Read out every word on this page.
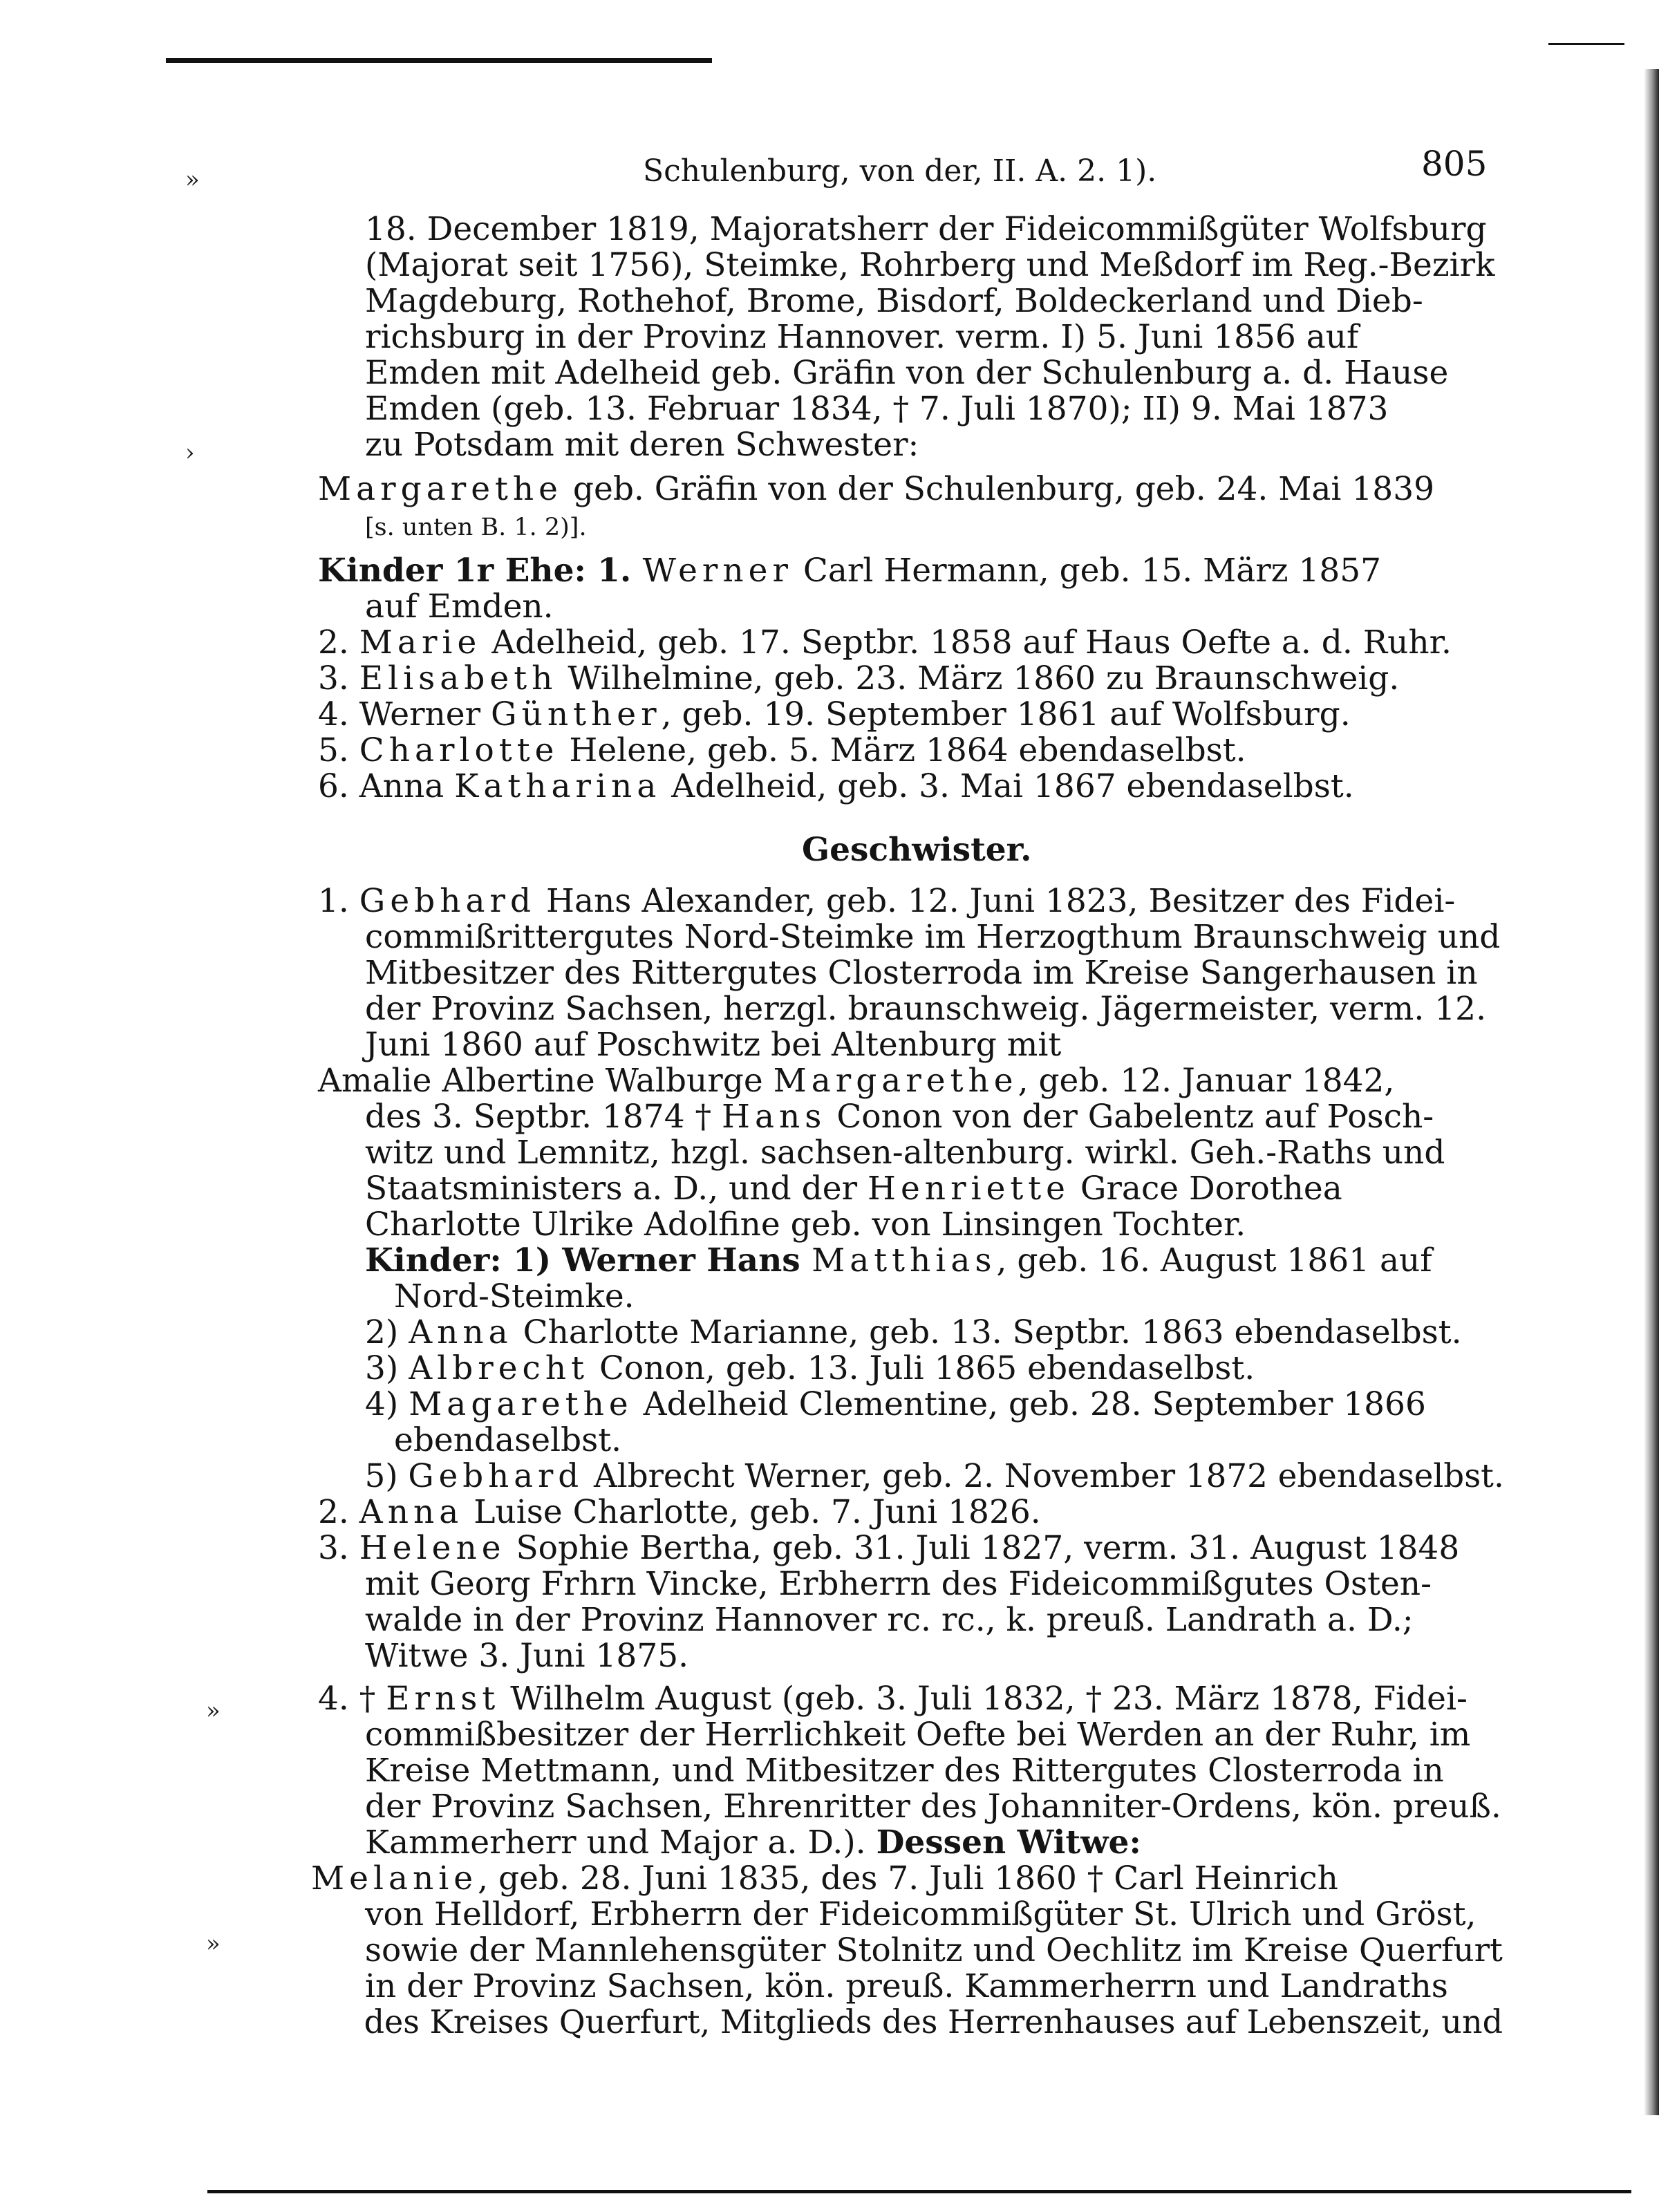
»
›
»
»
Schulenburg, von der, II. A. 2. 1).	805
18. December 1819, Majoratsherr der Fideicommißgüter Wolfsburg
(Majorat seit 1756), Steimke, Rohrberg und Meßdorf im Reg.-Bezirk
Magdeburg, Rothehof, Brome, Bisdorf, Boldeckerland und Dieb-
richsburg in der Provinz Hannover. verm. I) 5. Juni 1856 auf
Emden mit Adelheid geb. Gräfin von der Schulenburg a. d. Hause
Emden (geb. 13. Februar 1834, † 7. Juli 1870); II) 9. Mai 1873
zu Potsdam mit deren Schwester:
Margarethe geb. Gräfin von der Schulenburg, geb. 24. Mai 1839
[s. unten B. 1. 2)].
Kinder 1r Ehe: 1. Werner Carl Hermann, geb. 15. März 1857
auf Emden.
2. Marie Adelheid, geb. 17. Septbr. 1858 auf Haus Oefte a. d. Ruhr.
3. Elisabeth Wilhelmine, geb. 23. März 1860 zu Braunschweig.
4. Werner Günther, geb. 19. September 1861 auf Wolfsburg.
5. Charlotte Helene, geb. 5. März 1864 ebendaselbst.
6. Anna Katharina Adelheid, geb. 3. Mai 1867 ebendaselbst.
Geschwister.
1. Gebhard Hans Alexander, geb. 12. Juni 1823, Besitzer des Fidei-
commißrittergutes Nord-Steimke im Herzogthum Braunschweig und
Mitbesitzer des Rittergutes Closterroda im Kreise Sangerhausen in
der Provinz Sachsen, herzgl. braunschweig. Jägermeister, verm. 12.
Juni 1860 auf Poschwitz bei Altenburg mit
Amalie Albertine Walburge Margarethe, geb. 12. Januar 1842,
des 3. Septbr. 1874 † Hans Conon von der Gabelentz auf Posch-
witz und Lemnitz, hzgl. sachsen-altenburg. wirkl. Geh.-Raths und
Staatsministers a. D., und der Henriette Grace Dorothea
Charlotte Ulrike Adolfine geb. von Linsingen Tochter.
Kinder: 1) Werner Hans Matthias, geb. 16. August 1861 auf
Nord-Steimke.
2) Anna Charlotte Marianne, geb. 13. Septbr. 1863 ebendaselbst.
3) Albrecht Conon, geb. 13. Juli 1865 ebendaselbst.
4) Magarethe Adelheid Clementine, geb. 28. September 1866
ebendaselbst.
5) Gebhard Albrecht Werner, geb. 2. November 1872 ebendaselbst.
2. Anna Luise Charlotte, geb. 7. Juni 1826.
3. Helene Sophie Bertha, geb. 31. Juli 1827, verm. 31. August 1848
mit Georg Frhrn Vincke, Erbherrn des Fideicommißgutes Osten-
walde in der Provinz Hannover rc. rc., k. preuß. Landrath a. D.;
Witwe 3. Juni 1875.
4. † Ernst Wilhelm August (geb. 3. Juli 1832, † 23. März 1878, Fidei-
commißbesitzer der Herrlichkeit Oefte bei Werden an der Ruhr, im
Kreise Mettmann, und Mitbesitzer des Rittergutes Closterroda in
der Provinz Sachsen, Ehrenritter des Johanniter-Ordens, kön. preuß.
Kammerherr und Major a. D.). Dessen Witwe:
Melanie, geb. 28. Juni 1835, des 7. Juli 1860 † Carl Heinrich
von Helldorf, Erbherrn der Fideicommißgüter St. Ulrich und Gröst,
sowie der Mannlehensgüter Stolnitz und Oechlitz im Kreise Querfurt
in der Provinz Sachsen, kön. preuß. Kammerherrn und Landraths
des Kreises Querfurt, Mitglieds des Herrenhauses auf Lebenszeit, und
